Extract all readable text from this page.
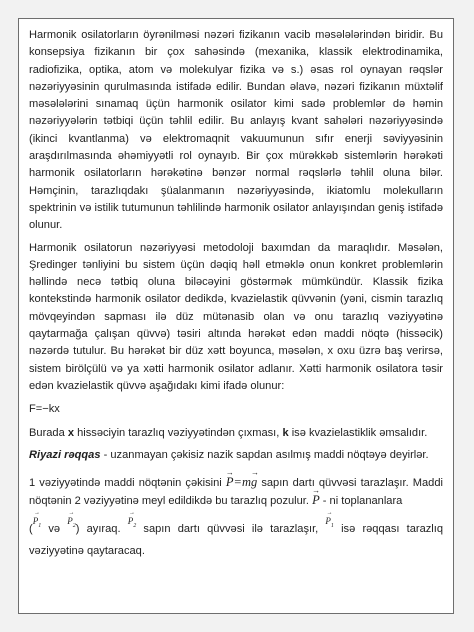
Harmonik osilatorların öyrənilməsi nəzəri fizikanın vacib məsələlərindən biridir. Bu konsepsiya fizikanın bir çox sahəsində (mexanika, klassik elektrodinamika, radiofizika, optika, atom və molekulyar fizika və s.) əsas rol oynayan rəqslər nəzəriyyəsinin qurulmasında istifadə edilir. Bundan əlavə, nəzəri fizikanın müxtəlif məsələlərini sınamaq üçün harmonik osilator kimi sadə problemlər də həmin nəzəriyyələrin tətbiqi üçün təhlil edilir. Bu anlayış kvant sahələri nəzəriyyəsində (ikinci kvantlanma) və elektromaqnit vakuumunun sıfır enerji səviyyəsinin araşdırılmasında əhəmiyyətli rol oynayıb. Bir çox mürəkkəb sistemlərin hərəkəti harmonik osilatorların hərəkətinə bənzər normal rəqslərlə təhlil oluna bilər. Həmçinin, tarazlıqdakı şüalanmanın nəzəriyyəsində, ikiatomlu molekulların spektrinin və istilik tutumunun təhlilində harmonik osilator anlayışından geniş istifadə olunur.

Harmonik osilatorun nəzəriyyəsi metodoloji baxımdan da maraqlıdır. Məsələn, Şredinger tənliyini bu sistem üçün dəqiq həll etməklə onun konkret problemlərin həllində necə tətbiq oluna biləcəyini göstərmək mümkündür. Klassik fizika kontekstində harmonik osilator dedikdə, kvazielastik qüvvənin (yəni, cismin tarazlıq mövqeyindən sapması ilə düz mütənasib olan və onu tarazlıq vəziyyətinə qaytarmağa çalışan qüvvə) təsiri altında hərəkət edən maddi nöqtə (hissəcik) nəzərdə tutulur. Bu hərəkət bir düz xətt boyunca, məsələn, x oxu üzrə baş verirsə, sistem birölçülü və ya xətti harmonik osilator adlanır. Xətti harmonik osilatora təsir edən kvazielastik qüvvə aşağıdakı kimi ifadə olunur:

F=−kx

Burada x hissəciyin tarazlıq vəziyyətindən çıxması, k isə kvazielastiklik əmsalıdır.

Riyazi rəqqas - uzanmayan çəkisiz nazik sapdan asılmış maddi nöqtəyə deyirlər.

1 vəziyyətində maddi nöqtənin çəkisini → P=m→ g sapın dartı qüvvəsi tarazlaşır. Maddi nöqtənin 2 vəziyyətinə meyl edildikdə bu tarazlıq pozulur. → P - ni toplananlara

(→ $P_1$ və → $P_2$) ayıraq. → $P_2$ sapın dartı qüvvəsi ilə tarazlaşır, → $P_1$ isə rəqqası tarazlıq vəziyyətinə qaytaracaq.
